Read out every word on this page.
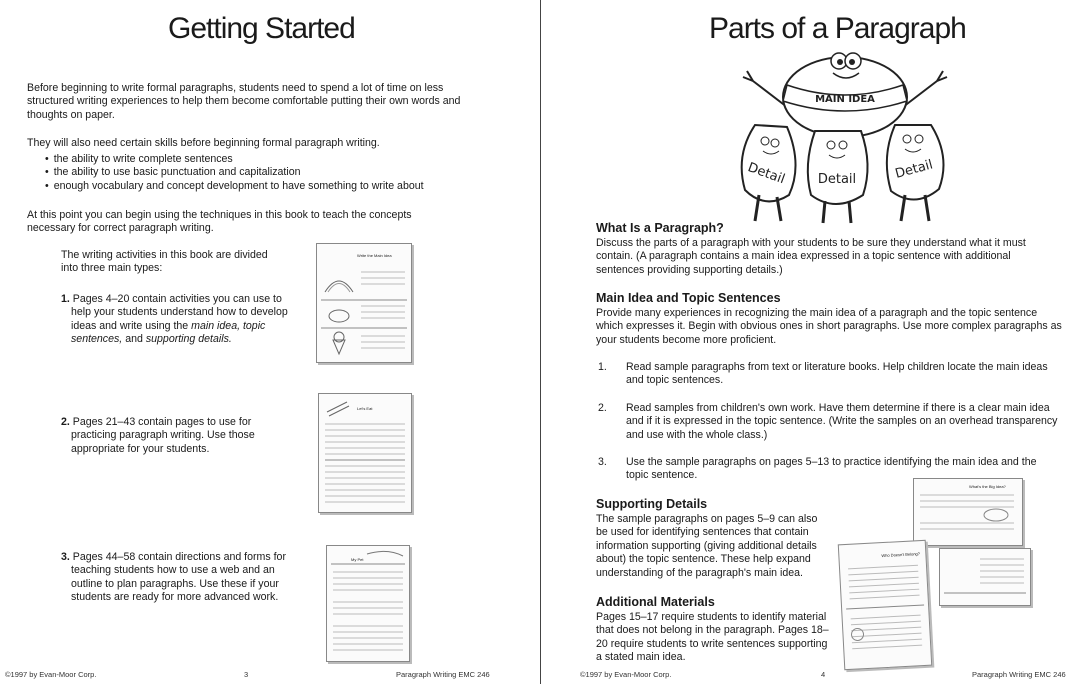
Getting Started

Before beginning to write formal paragraphs, students need to spend a lot of time on less structured writing experiences to help them become comfortable putting their own words and thoughts on paper.

They will also need certain skills before beginning formal paragraph writing.

• the ability to write complete sentences
• the ability to use basic punctuation and capitalization
• enough vocabulary and concept development to have something to write about

At this point you can begin using the techniques in this book to teach the concepts necessary for correct paragraph writing.

The writing activities in this book are divided into three main types:

1. Pages 4–20 contain activities you can use to help your students understand how to develop ideas and write using the main idea, topic sentences, and supporting details.

2. Pages 21–43 contain pages to use for practicing paragraph writing. Use those appropriate for your students.

3. Pages 44–58 contain directions and forms for teaching students how to use a web and an outline to plan paragraphs. Use these if your students are ready for more advanced work.

Write the Main Idea
Let's Eat
My Pet
©1997 by Evan-Moor Corp.	3	Paragraph Writing EMC 246
Parts of a Paragraph
MAIN IDEA
Detail Detail	Detail
What Is a Paragraph?

Discuss the parts of a paragraph with your students to be sure they understand what it must contain. (A paragraph contains a main idea expressed in a topic sentence with additional sentences providing supporting details.)

Main Idea and Topic Sentences

Provide many experiences in recognizing the main idea of a paragraph and the topic sentence which expresses it. Begin with obvious ones in short paragraphs. Use more complex paragraphs as your students become more proficient.

1. Read sample paragraphs from text or literature books. Help children locate the main ideas and topic sentences.

2. Read samples from children's own work. Have them determine if there is a clear main idea and if it is expressed in the topic sentence. (Write the samples on an overhead transparency and use with the whole class.)

3. Use the sample paragraphs on pages 5–13 to practice identifying the main idea and the topic sentence.

Supporting Details

The sample paragraphs on pages 5–9 can also be used for identifying sentences that contain information supporting (giving additional details about) the topic sentence. These help expand understanding of the paragraph's main idea.

Additional Materials

Pages 15–17 require students to identify material that does not belong in the paragraph. Pages 18–20 require students to write sentences supporting a stated main idea.

What's the Big Idea?
Who Doesn't Belong?
©1997 by Evan-Moor Corp.	4	Paragraph Writing EMC 246
